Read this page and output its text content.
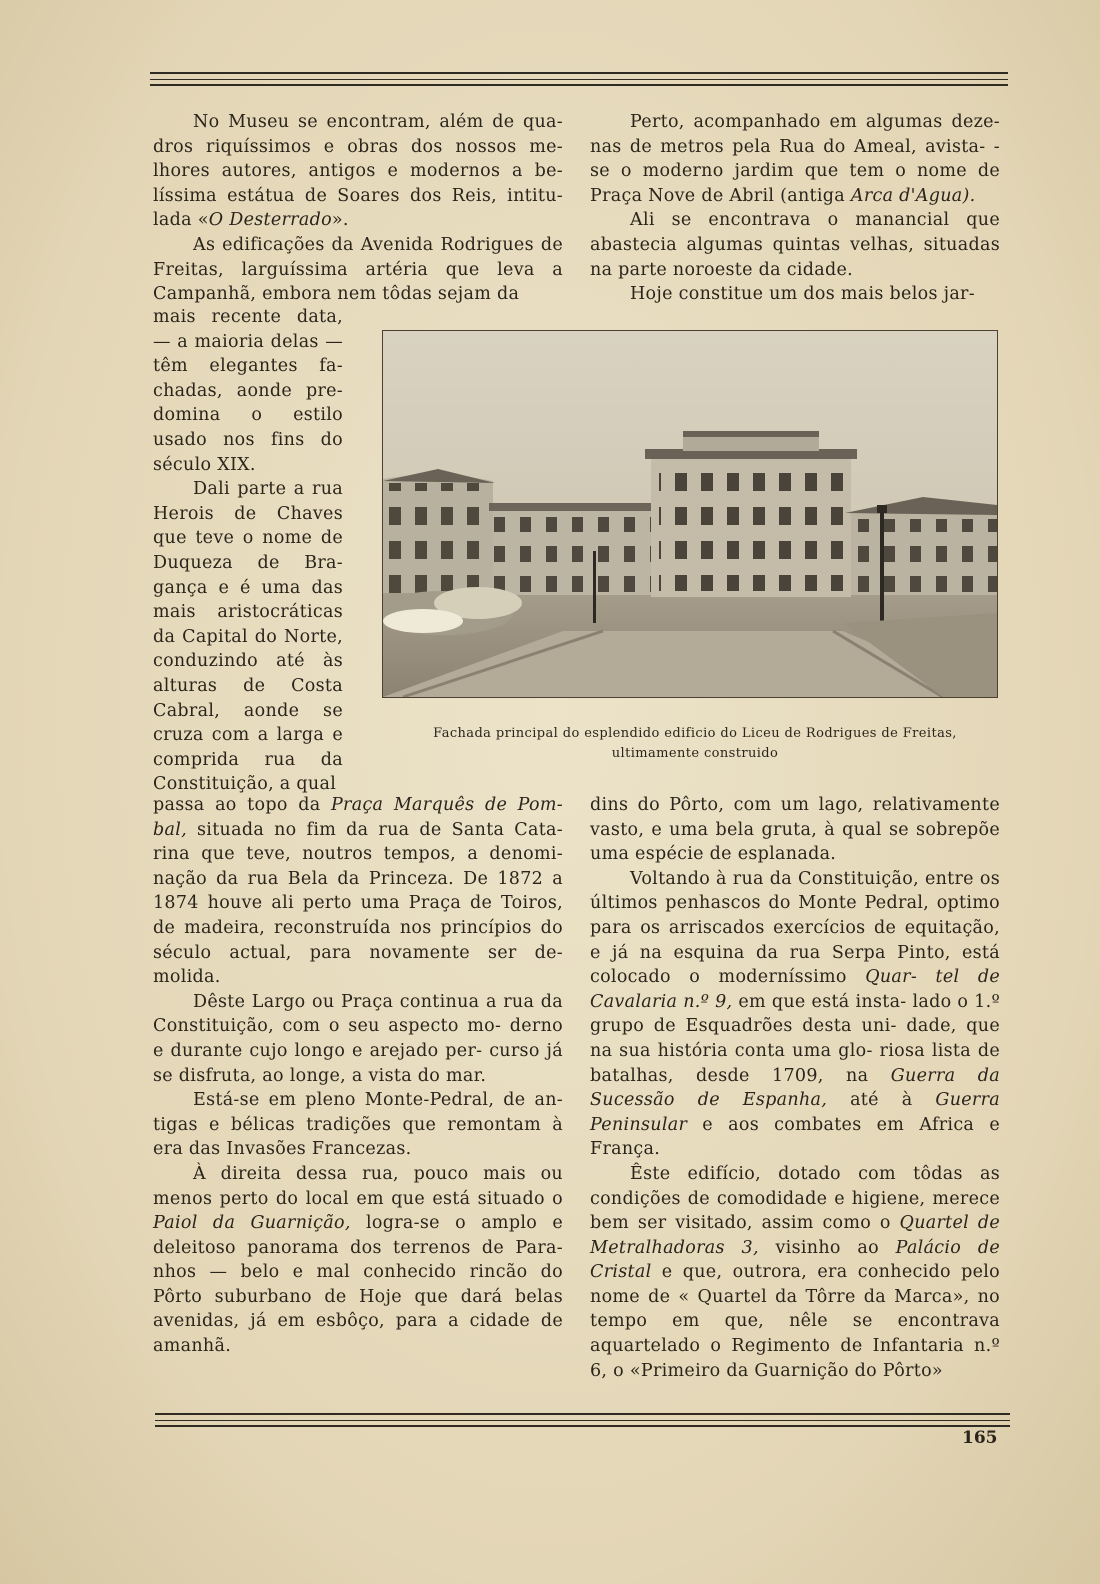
No Museu se encontram, além de qua- dros riquíssimos e obras dos nossos me- lhores autores, antigos e modernos a be- líssima estátua de Soares dos Reis, intitu- lada «O Desterrado».

As edificações da Avenida Rodrigues de Freitas, larguíssima artéria que leva a Campanhã, embora nem tôdas sejam da

mais recente data, — a maioria delas — têm elegantes fa- chadas, aonde pre- domina o estilo usado nos fins do século XIX.

Dali parte a rua Herois de Chaves que teve o nome de Duqueza de Bra- gança e é uma das mais aristocráticas da Capital do Norte, conduzindo até às alturas de Costa Cabral, aonde se cruza com a larga e comprida rua da Constituição, a qual

passa ao topo da Praça Marquês de Pom- bal, situada no fim da rua de Santa Cata- rina que teve, noutros tempos, a denomi- nação da rua Bela da Princeza. De 1872 a 1874 houve ali perto uma Praça de Toiros, de madeira, reconstruída nos princípios do século actual, para novamente ser de- molida.

Dêste Largo ou Praça continua a rua da Constituição, com o seu aspecto mo- derno e durante cujo longo e arejado per- curso já se disfruta, ao longe, a vista do mar.

Está-se em pleno Monte-Pedral, de an- tigas e bélicas tradições que remontam à era das Invasões Francezas.

À direita dessa rua, pouco mais ou menos perto do local em que está situado o Paiol da Guarnição, logra-se o amplo e deleitoso panorama dos terrenos de Para- nhos — belo e mal conhecido rincão do Pôrto suburbano de Hoje que dará belas avenidas, já em esbôço, para a cidade de amanhã.

Perto, acompanhado em algumas deze- nas de metros pela Rua do Ameal, avista- -se o moderno jardim que tem o nome de Praça Nove de Abril (antiga Arca d'Agua).

Ali se encontrava o manancial que abastecia algumas quintas velhas, situadas na parte noroeste da cidade.

Hoje constitue um dos mais belos jar-

Fachada principal do esplendido edificio do Liceu de Rodrigues de Freitas,
ultimamente construido

dins do Pôrto, com um lago, relativamente vasto, e uma bela gruta, à qual se sobrepõe uma espécie de esplanada.

Voltando à rua da Constituição, entre os últimos penhascos do Monte Pedral, optimo para os arriscados exercícios de equitação, e já na esquina da rua Serpa Pinto, está colocado o moderníssimo Quar- tel de Cavalaria n.º 9, em que está insta- lado o 1.º grupo de Esquadrões desta uni- dade, que na sua história conta uma glo- riosa lista de batalhas, desde 1709, na Guerra da Sucessão de Espanha, até à Guerra Peninsular e aos combates em Africa e França.

Êste edifício, dotado com tôdas as condições de comodidade e higiene, merece bem ser visitado, assim como o Quartel de Metralhadoras 3, visinho ao Palácio de Cristal e que, outrora, era conhecido pelo nome de « Quartel da Tôrre da Marca», no tempo em que, nêle se encontrava aquartelado o Regimento de Infantaria n.º 6, o «Primeiro da Guarnição do Pôrto»

165
